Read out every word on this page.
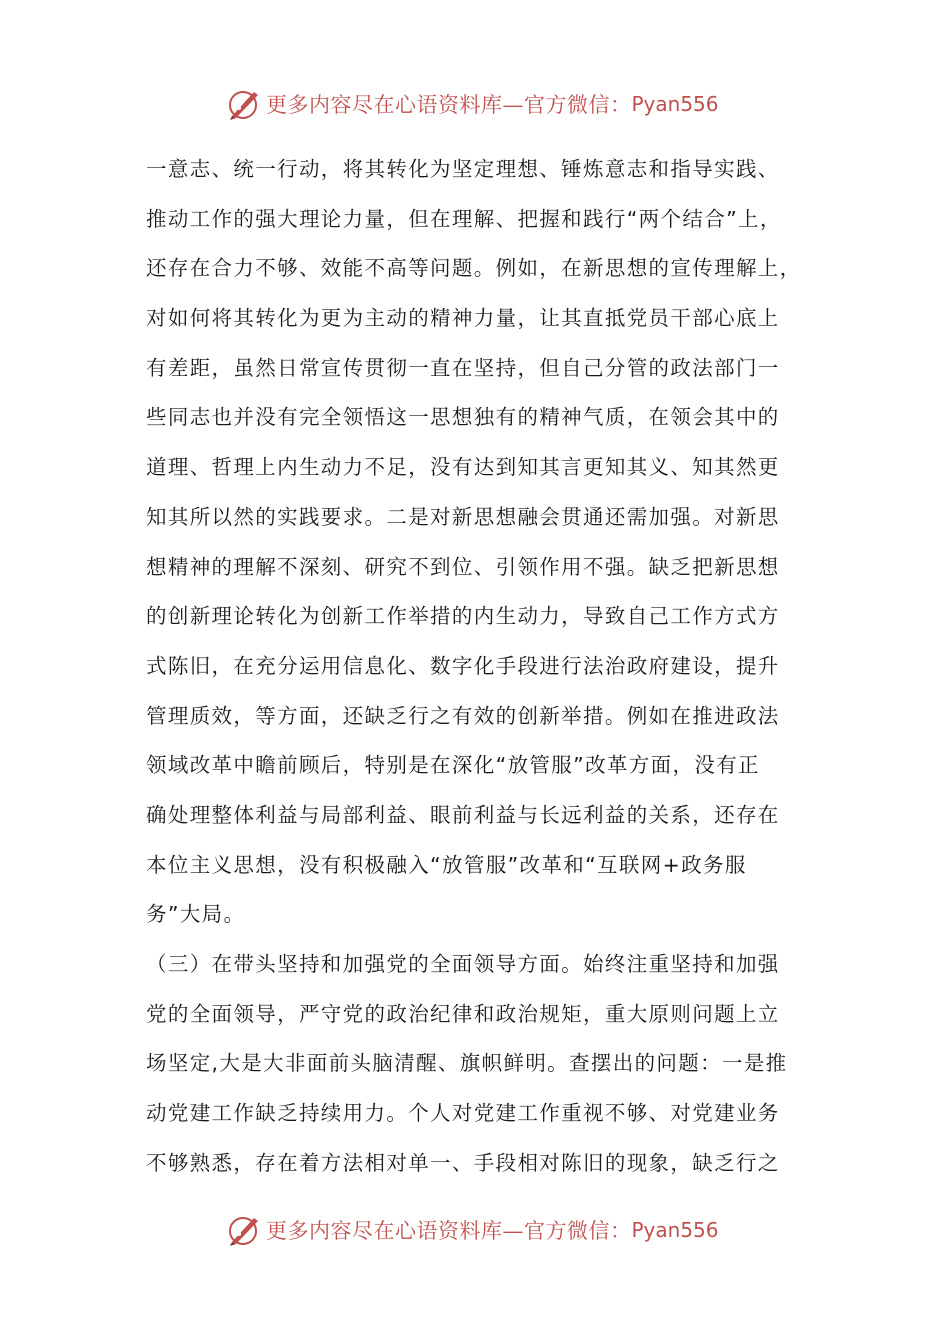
更多内容尽在心语资料库—官方微信： Pyan556
一意志、统一行动，将其转化为坚定理想、锤炼意志和指导实践、
推动工作的强大理论力量，但在理解、把握和践行“两个结合”上，
还存在合力不够、效能不高等问题。例如，在新思想的宣传理解上，
对如何将其转化为更为主动的精神力量，让其直抵党员干部心底上
有差距，虽然日常宣传贯彻一直在坚持，但自己分管的政法部门一
些同志也并没有完全领悟这一思想独有的精神气质，在领会其中的
道理、哲理上内生动力不足，没有达到知其言更知其义、知其然更
知其所以然的实践要求。二是对新思想融会贯通还需加强。对新思
想精神的理解不深刻、研究不到位、引领作用不强。缺乏把新思想
的创新理论转化为创新工作举措的内生动力，导致自己工作方式方
式陈旧，在充分运用信息化、数字化手段进行法治政府建设，提升
管理质效，等方面，还缺乏行之有效的创新举措。例如在推进政法
领域改革中瞻前顾后，特别是在深化“放管服”改革方面，没有正
确处理整体利益与局部利益、眼前利益与长远利益的关系，还存在
本位主义思想，没有积极融入“放管服”改革和“互联网+政务服
务”大局。
（三）在带头坚持和加强党的全面领导方面。始终注重坚持和加强
党的全面领导，严守党的政治纪律和政治规矩，重大原则问题上立
场坚定,大是大非面前头脑清醒、旗帜鲜明。查摆出的问题：一是推
动党建工作缺乏持续用力。个人对党建工作重视不够、对党建业务
不够熟悉，存在着方法相对单一、手段相对陈旧的现象，缺乏行之
更多内容尽在心语资料库—官方微信： Pyan556
